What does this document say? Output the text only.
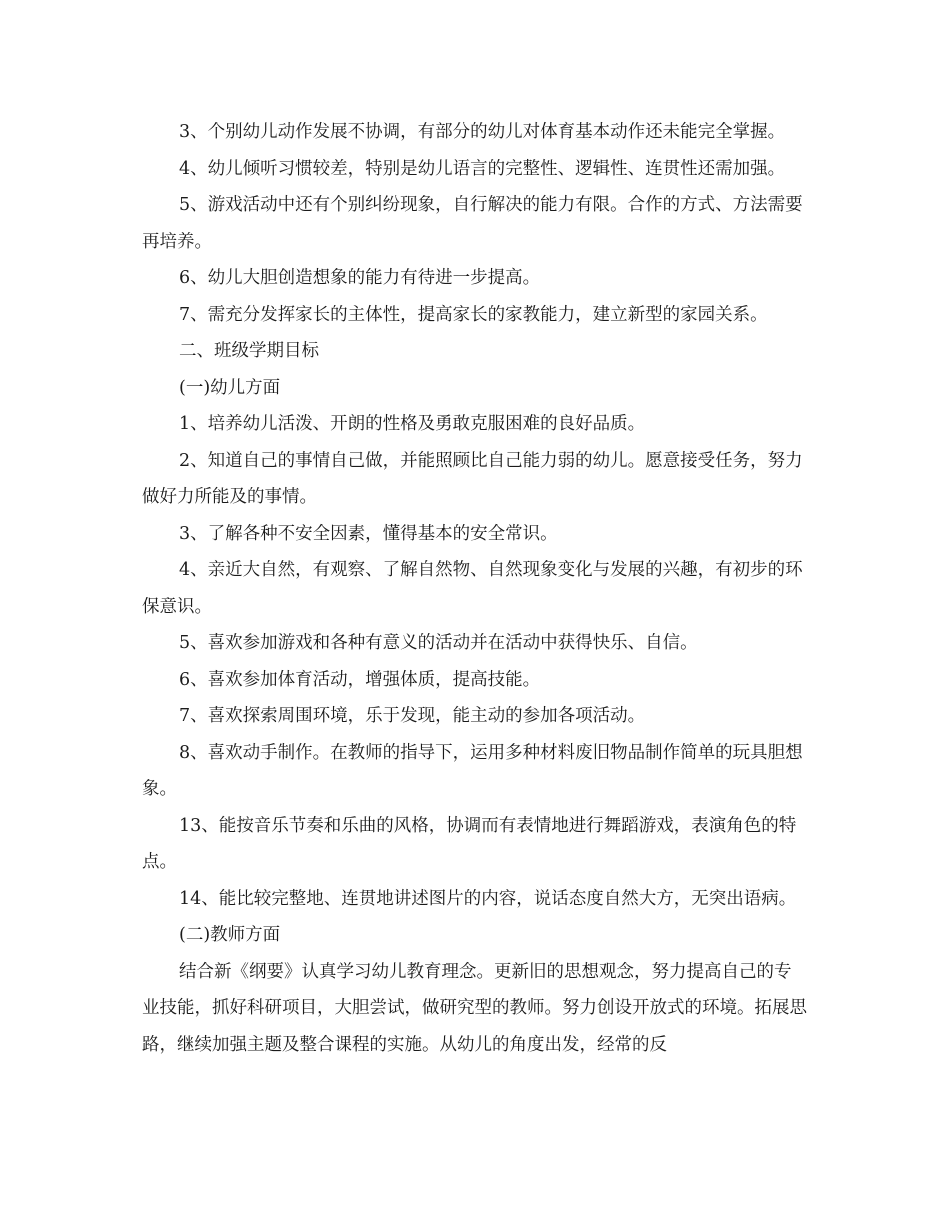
3、个别幼儿动作发展不协调，有部分的幼儿对体育基本动作还未能完全掌握。

4、幼儿倾听习惯较差，特别是幼儿语言的完整性、逻辑性、连贯性还需加强。

5、游戏活动中还有个别纠纷现象，自行解决的能力有限。合作的方式、方法需要再培养。

6、幼儿大胆创造想象的能力有待进一步提高。

7、需充分发挥家长的主体性，提高家长的家教能力，建立新型的家园关系。

二、班级学期目标

(一)幼儿方面

1、培养幼儿活泼、开朗的性格及勇敢克服困难的良好品质。

2、知道自己的事情自己做，并能照顾比自己能力弱的幼儿。愿意接受任务，努力做好力所能及的事情。

3、了解各种不安全因素，懂得基本的安全常识。

4、亲近大自然，有观察、了解自然物、自然现象变化与发展的兴趣，有初步的环保意识。

5、喜欢参加游戏和各种有意义的活动并在活动中获得快乐、自信。

6、喜欢参加体育活动，增强体质，提高技能。

7、喜欢探索周围环境，乐于发现，能主动的参加各项活动。

8、喜欢动手制作。在教师的指导下，运用多种材料废旧物品制作简单的玩具胆想象。

13、能按音乐节奏和乐曲的风格，协调而有表情地进行舞蹈游戏，表演角色的特点。

14、能比较完整地、连贯地讲述图片的内容，说话态度自然大方，无突出语病。

(二)教师方面

结合新《纲要》认真学习幼儿教育理念。更新旧的思想观念，努力提高自己的专业技能，抓好科研项目，大胆尝试，做研究型的教师。努力创设开放式的环境。拓展思路，继续加强主题及整合课程的实施。从幼儿的角度出发，经常的反
